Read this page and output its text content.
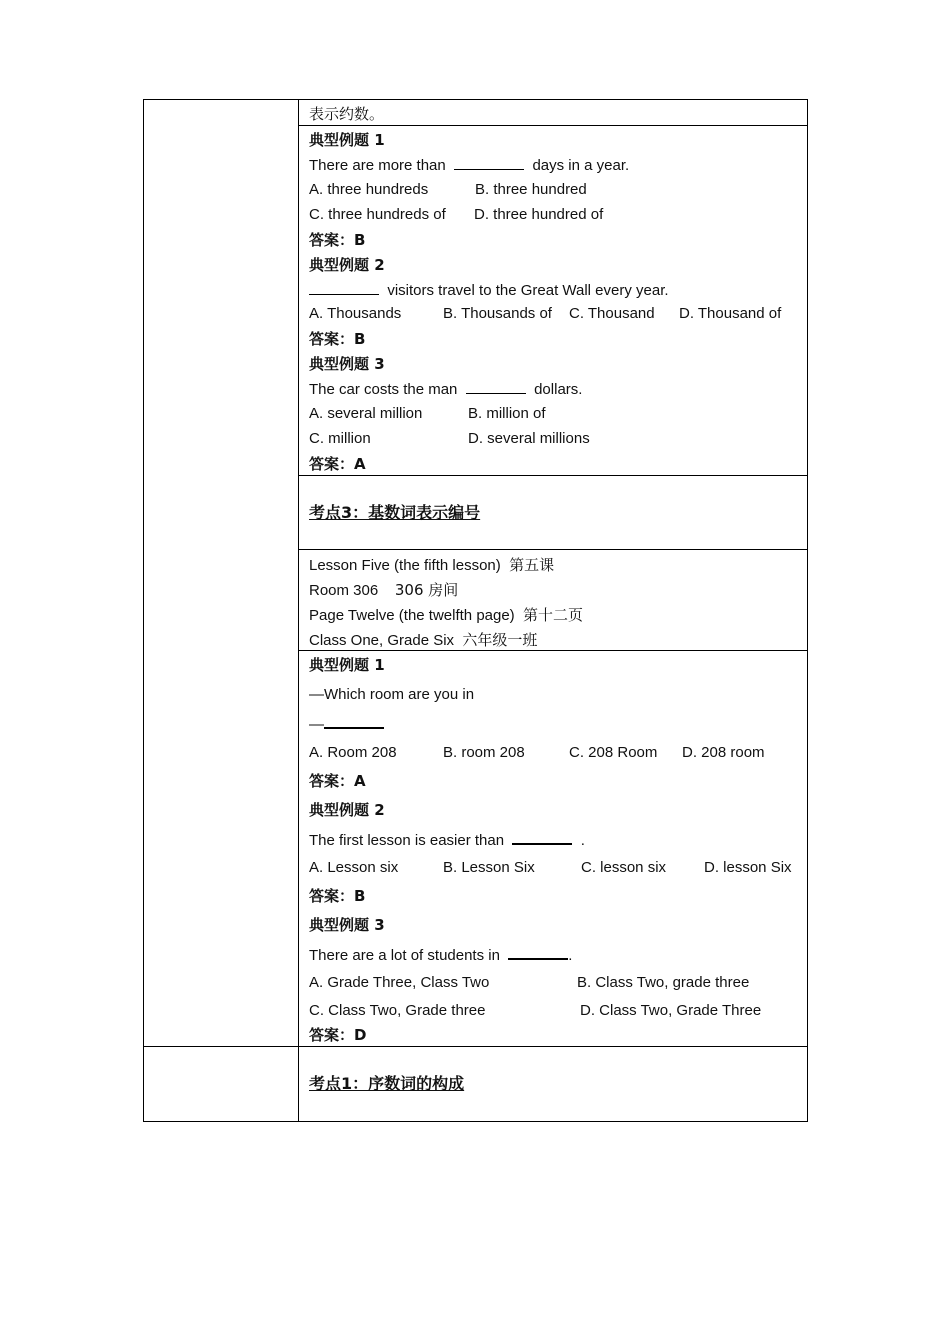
表示约数。
典型例题 1
There are more than	days in a year.
A. three hundreds	B. three hundred
C. three hundreds of D. three hundred of
答案：B
典型例题 2
visitors travel to the Great Wall every year.
A. Thousands	B. Thousands of C. Thousand D. Thousand of
答案：B
典型例题 3
The car costs the man	dollars.
A. several million	B. million of
C. million	D. several millions
答案：A
考点3：基数词表示编号
Lesson Five (the fifth lesson) 第五课
Room 306 306 房间
Page Twelve (the twelfth page) 第十二页
Class One, Grade Six 六年级一班
典型例题 1
—Which room are you in
—
A. Room 208	B. room 208	C. 208 Room D. 208 room
答案：A
典型例题 2
The first lesson is easier than	.
A. Lesson six	B. Lesson Six	C. lesson six	D. lesson Six
答案：B
典型例题 3
There are a lot of students in	.
A. Grade Three, Class Two	B. Class Two, grade three
C. Class Two, Grade three	D. Class Two, Grade Three
答案：D
考点1：序数词的构成
